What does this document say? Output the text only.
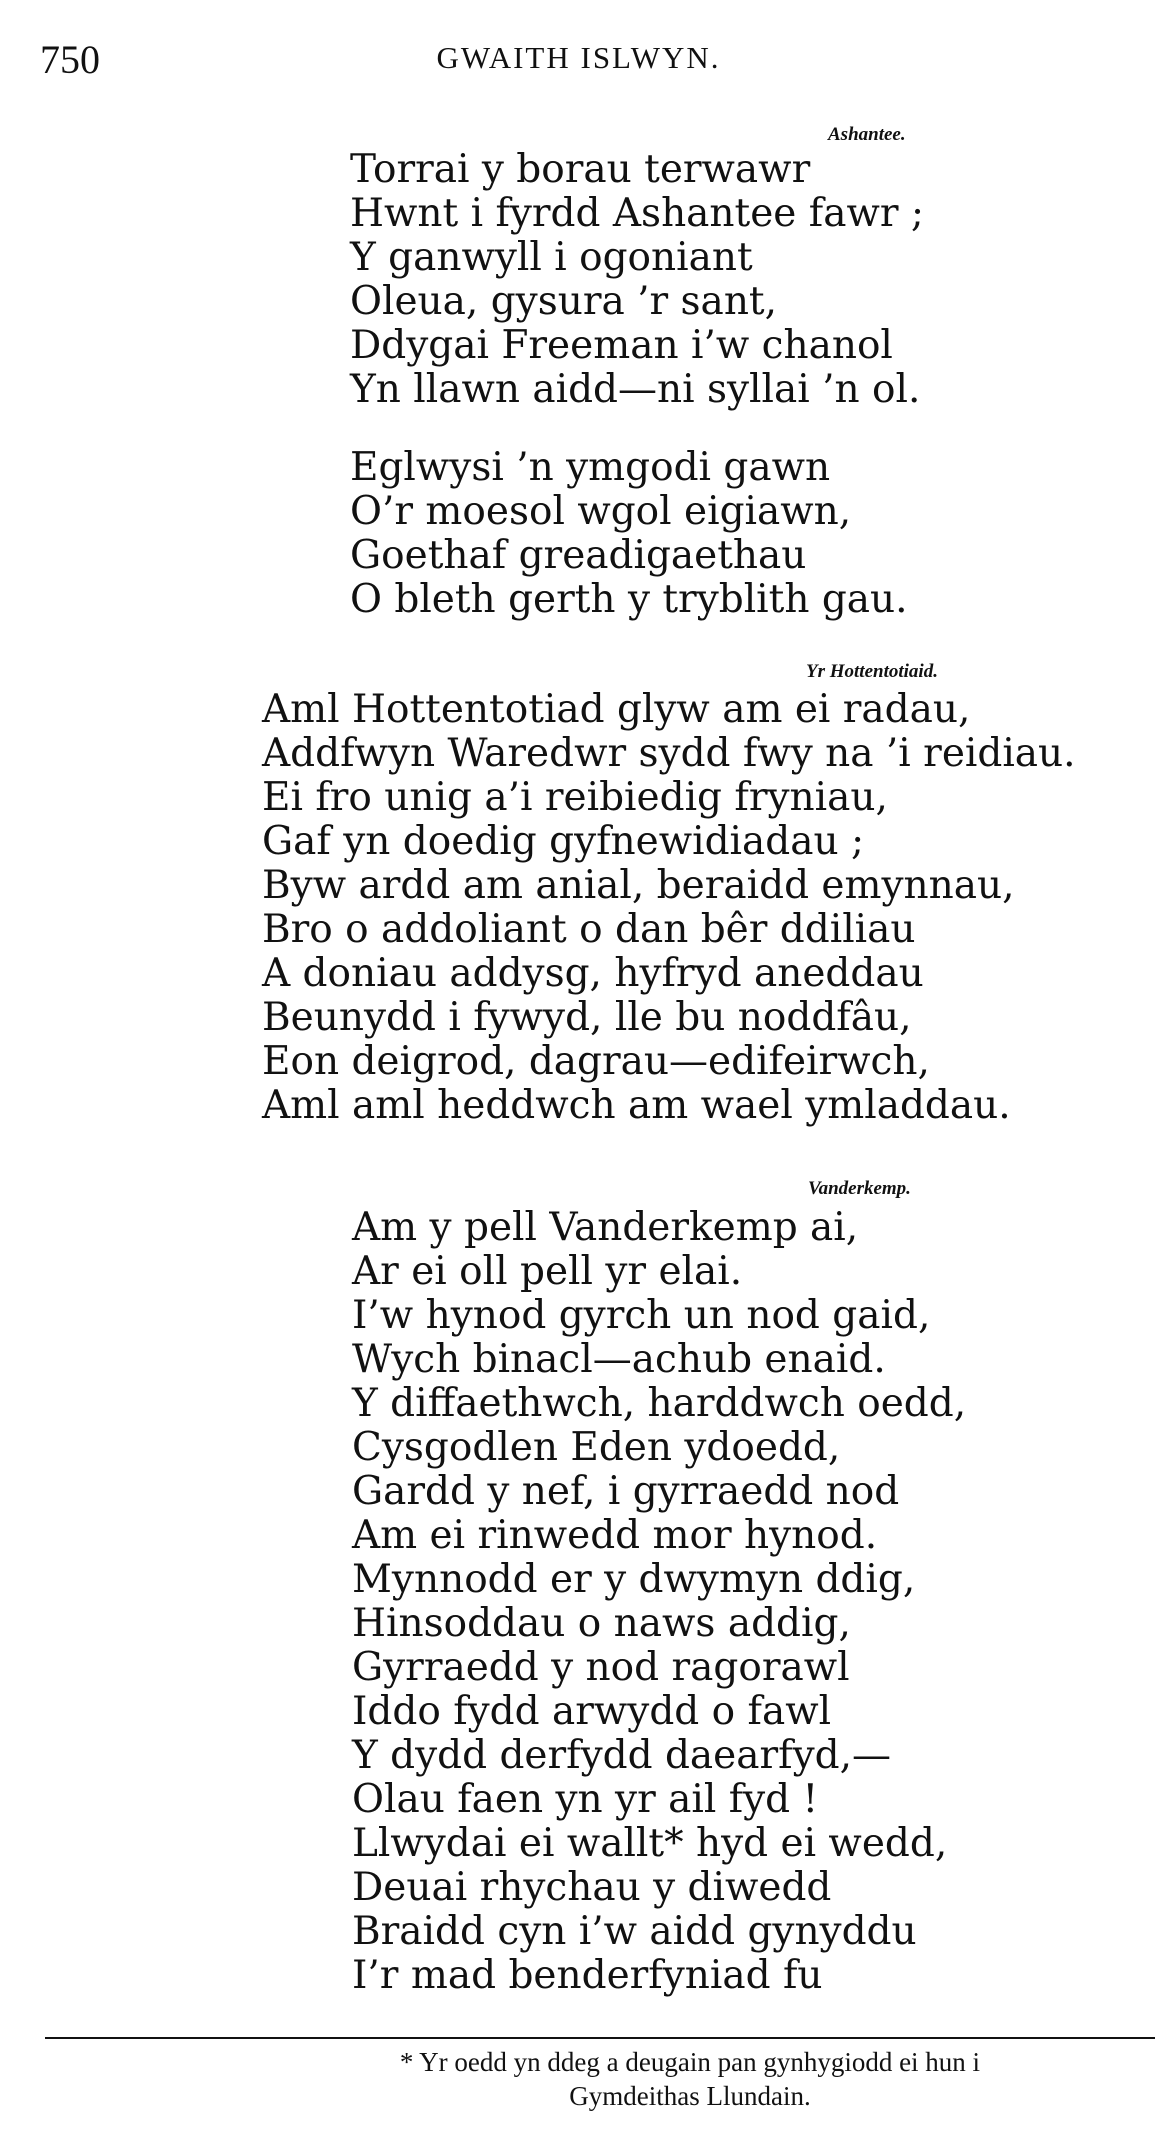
750	GWAITH ISLWYN.
Ashantee.
Torrai y borau terwawr
Hwnt i fyrdd Ashantee fawr ;
Y ganwyll i ogoniant
Oleua, gysura ’r sant,
Ddygai Freeman i’w chanol
Yn llawn aidd—ni syllai ’n ol.
Eglwysi ’n ymgodi gawn
O’r moesol wgol eigiawn,
Goethaf greadigaethau
O bleth gerth y tryblith gau.
Yr Hottentotiaid.
Aml Hottentotiad glyw am ei radau,
Addfwyn Waredwr sydd fwy na ’i reidiau.
Ei fro unig a’i reibiedig fryniau,
Gaf yn doedig gyfnewidiadau ;
Byw ardd am anial, beraidd emynnau,
Bro o addoliant o dan bêr ddiliau
A doniau addysg, hyfryd aneddau
Beunydd i fywyd, lle bu noddfâu,
Eon deigrod, dagrau—edifeirwch,
Aml aml heddwch am wael ymladdau.
Vanderkemp.
Am y pell Vanderkemp ai,
Ar ei oll pell yr elai.
I’w hynod gyrch un nod gaid,
Wych binacl—achub enaid.
Y diffaethwch, harddwch oedd,
Cysgodlen Eden ydoedd,
Gardd y nef, i gyrraedd nod
Am ei rinwedd mor hynod.
Mynnodd er y dwymyn ddig,
Hinsoddau o naws addig,
Gyrraedd y nod ragorawl
Iddo fydd arwydd o fawl
Y dydd derfydd daearfyd,—
Olau faen yn yr ail fyd !
Llwydai ei wallt* hyd ei wedd,
Deuai rhychau y diwedd
Braidd cyn i’w aidd gynyddu
I’r mad benderfyniad fu
* Yr oedd yn ddeg a deugain pan gynhygiodd ei hun i
Gymdeithas Llundain.
